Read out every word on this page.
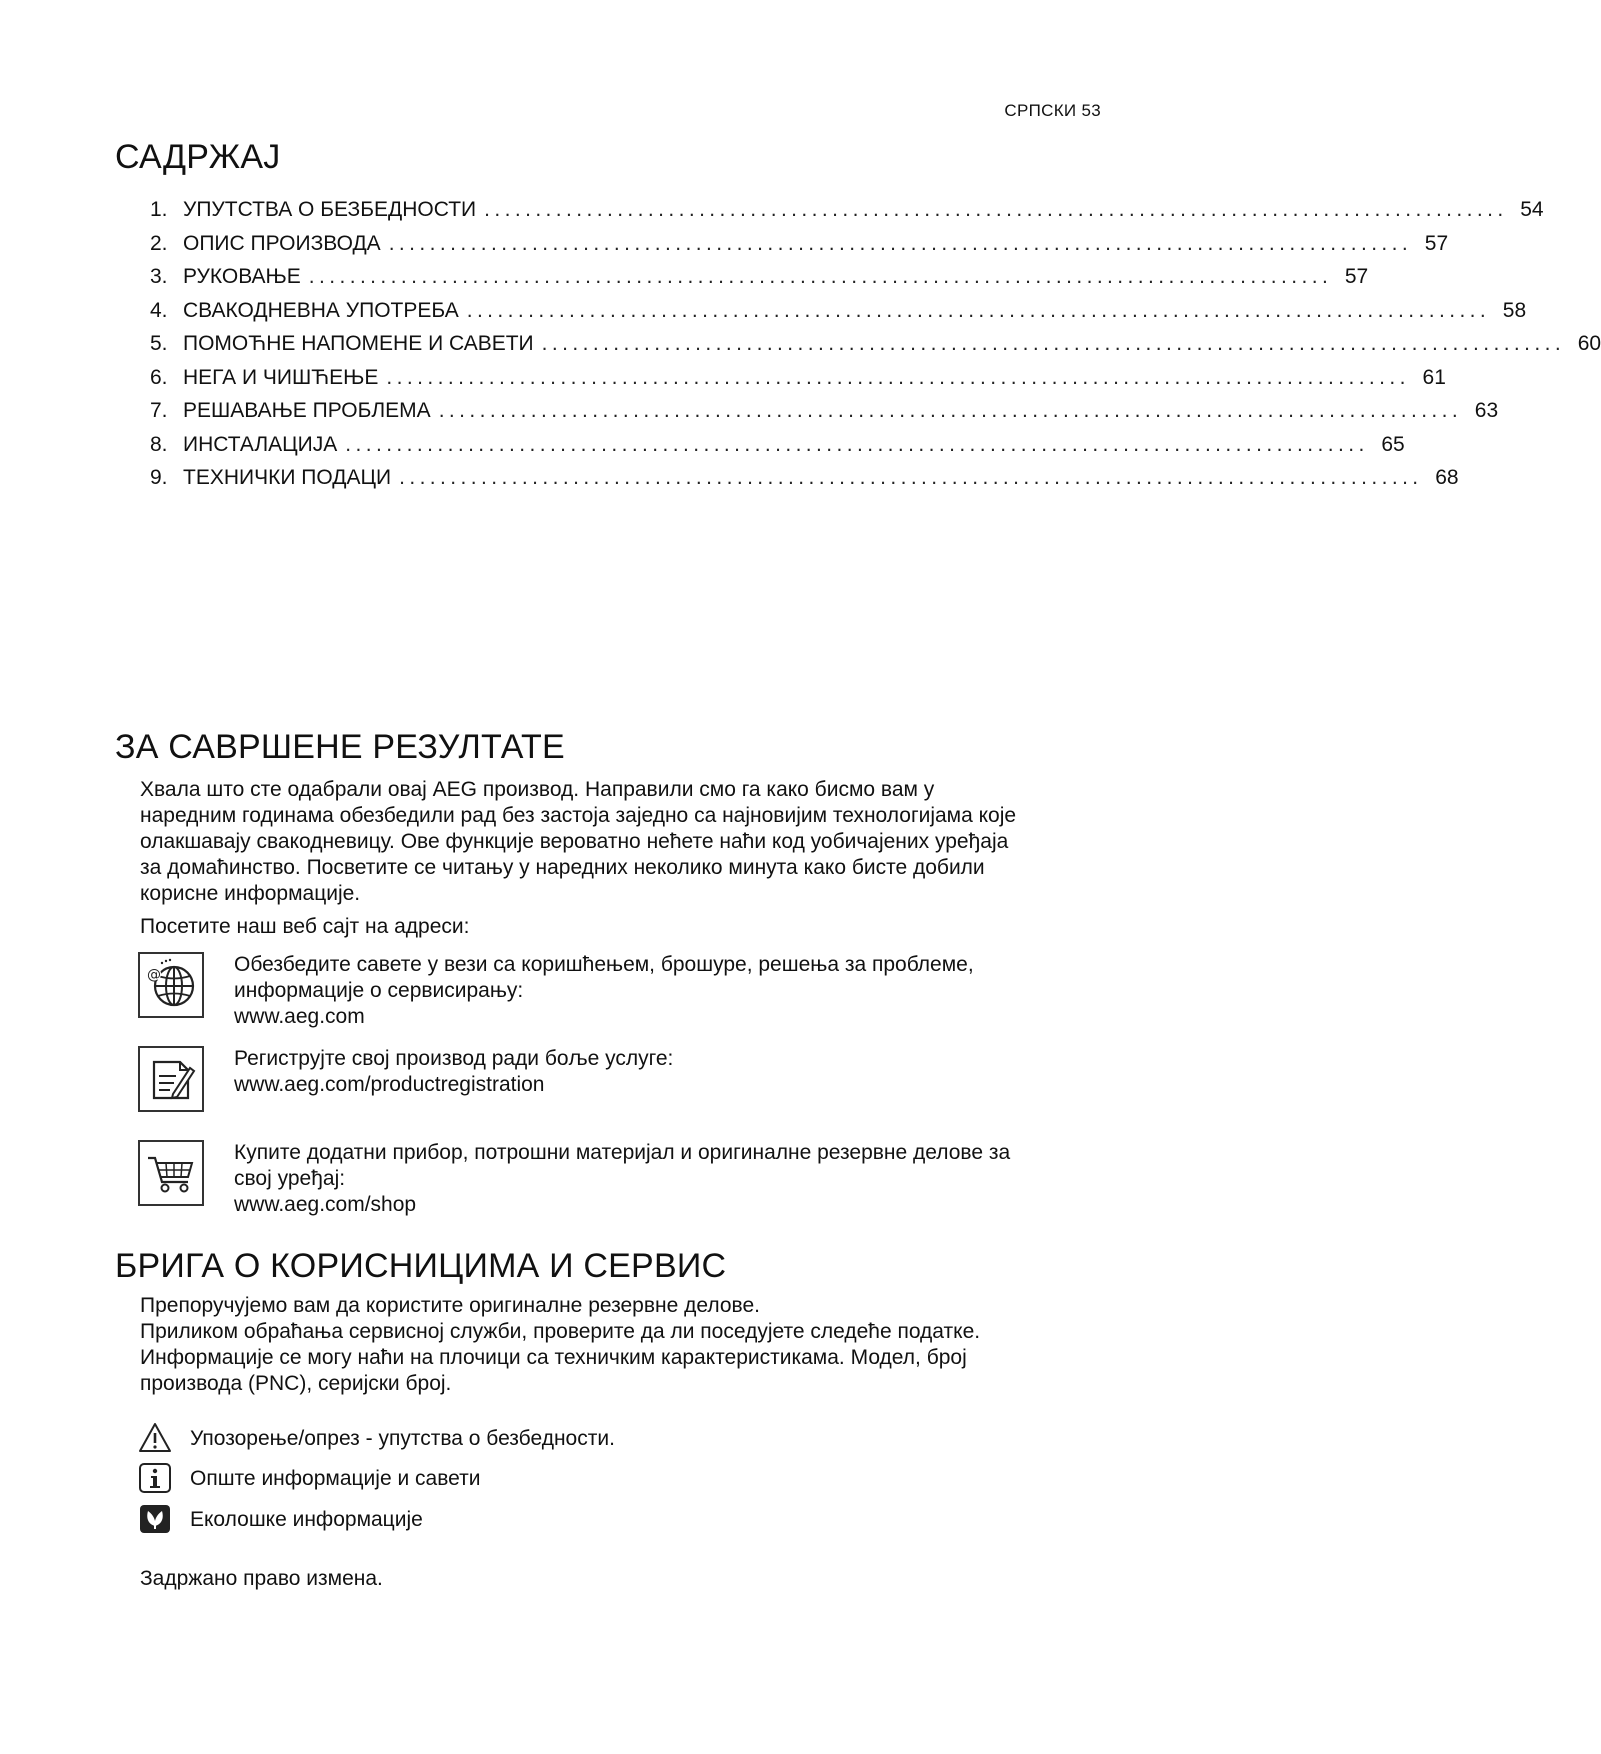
СРПСКИ 53
САДРЖАЈ
1. УПУТСТВА О БЕЗБЕДНОСТИ .................................................................................................... 54
2. ОПИС ПРОИЗВОДА .................................................................................................... 57
3. РУКОВАЊЕ .................................................................................................... 57
4. СВАКОДНЕВНА УПОТРЕБА .................................................................................................... 58
5. ПОМОЋНЕ НАПОМЕНЕ И САВЕТИ .................................................................................................... 60
6. НЕГА И ЧИШЋЕЊЕ .................................................................................................... 61
7. РЕШАВАЊЕ ПРОБЛЕМА .................................................................................................... 63
8. ИНСТАЛАЦИЈА .................................................................................................... 65
9. ТЕХНИЧКИ ПОДАЦИ .................................................................................................... 68
ЗА САВРШЕНЕ РЕЗУЛТАТЕ
Хвала што сте одабрали овај AEG производ. Направили смо га како бисмо вам у
наредним годинама обезбедили рад без застоја заједно са најновијим технологијама које
олакшавају свакодневицу. Ове функције вероватно нећете наћи код уобичајених уређаја
за домаћинство. Посветите се читању у наредних неколико минута како бисте добили
корисне информације.
Посетите наш веб сајт на адреси:
@	Обезбедите савете у вези са коришћењем, брошуре, решења за проблеме,
информације о сервисирању:
www.aeg.com
Региструјте свој производ ради боље услуге:
www.aeg.com/productregistration
Купите додатни прибор, потрошни материјал и оригиналне резервне делове за
свој уређај:
www.aeg.com/shop
БРИГА О КОРИСНИЦИМА И СЕРВИС
Препоручујемо вам да користите оригиналне резервне делове.
Приликом обраћања сервисној служби, проверите да ли поседујете следеће податке.
Информације се могу наћи на плочици са техничким карактеристикама. Модел, број
производа (PNC), серијски број.
Упозорење/опрез - упутства о безбедности.
Опште информације и савети
Еколошке информације
Задржано право измена.
